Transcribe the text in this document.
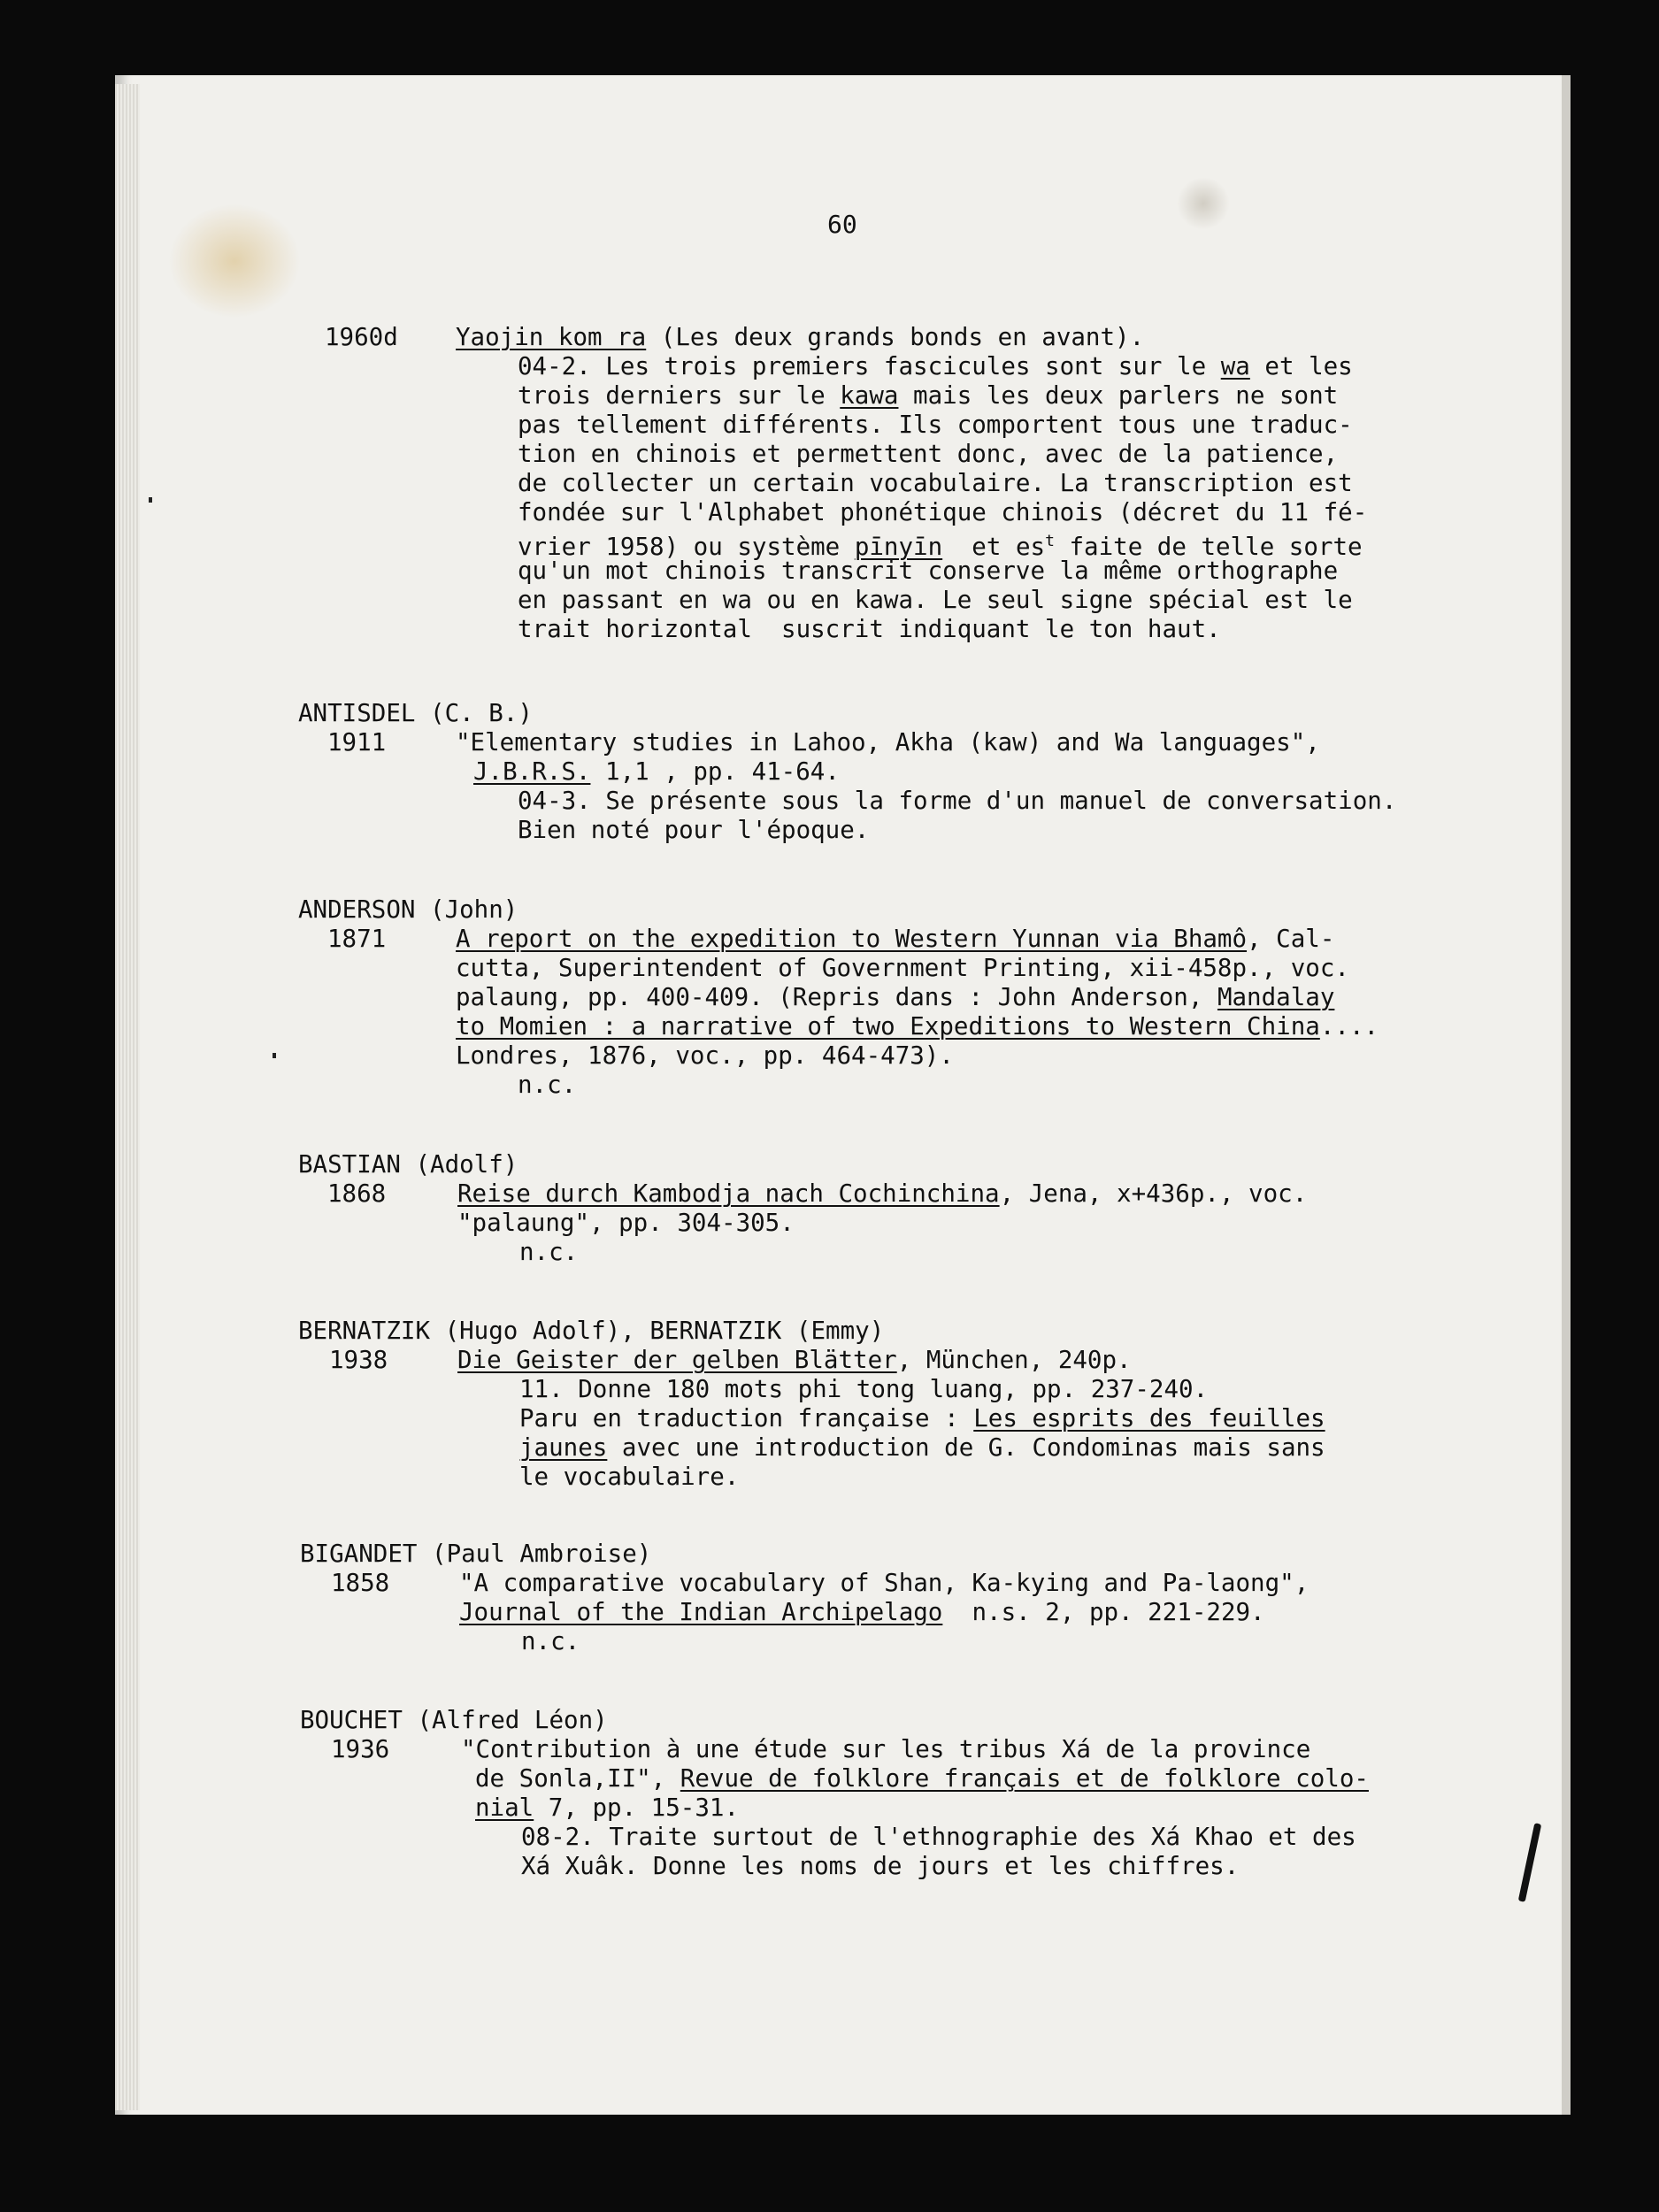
60
1960d Yaojin kom ra (Les deux grands bonds en avant).
04-2. Les trois premiers fascicules sont sur le wa et les
trois derniers sur le kawa mais les deux parlers ne sont
pas tellement différents. Ils comportent tous une traduc-
tion en chinois et permettent donc, avec de la patience,
de collecter un certain vocabulaire. La transcription est
fondée sur l'Alphabet phonétique chinois (décret du 11 fé-
vrier 1958) ou système pīnyīn  et $es^t$ faite de telle sorte
qu'un mot chinois transcrit conserve la même orthographe
en passant en wa ou en kawa. Le seul signe spécial est le
trait horizontal  suscrit indiquant le ton haut.
ANTISDEL (C. B.)
1911	"Elementary studies in Lahoo, Akha (kaw) and Wa languages",
J.B.R.S. 1,1 , pp. 41-64.
04-3. Se présente sous la forme d'un manuel de conversation.
Bien noté pour l'époque.
ANDERSON (John)
1871	A report on the expedition to Western Yunnan via Bhamô, Cal-
cutta, Superintendent of Government Printing, xii-458p., voc.
palaung, pp. 400-409. (Repris dans : John Anderson, Mandalay
to Momien : a narrative of two Expeditions to Western China....
Londres, 1876, voc., pp. 464-473).
n.c.
BASTIAN (Adolf)
1868	Reise durch Kambodja nach Cochinchina, Jena, x+436p., voc.
"palaung", pp. 304-305.
n.c.
BERNATZIK (Hugo Adolf), BERNATZIK (Emmy)
1938	Die Geister der gelben Blätter, München, 240p.
11. Donne 180 mots phi tong luang, pp. 237-240.
Paru en traduction française : Les esprits des feuilles
jaunes avec une introduction de G. Condominas mais sans
le vocabulaire.
BIGANDET (Paul Ambroise)
1858	"A comparative vocabulary of Shan, Ka-kying and Pa-laong",
Journal of the Indian Archipelago  n.s. 2, pp. 221-229.
n.c.
BOUCHET (Alfred Léon)
1936	"Contribution à une étude sur les tribus Xá de la province
de Sonla,II", Revue de folklore français et de folklore colo-
nial 7, pp. 15-31.
08-2. Traite surtout de l'ethnographie des Xá Khao et des
Xá Xuâk. Donne les noms de jours et les chiffres.
